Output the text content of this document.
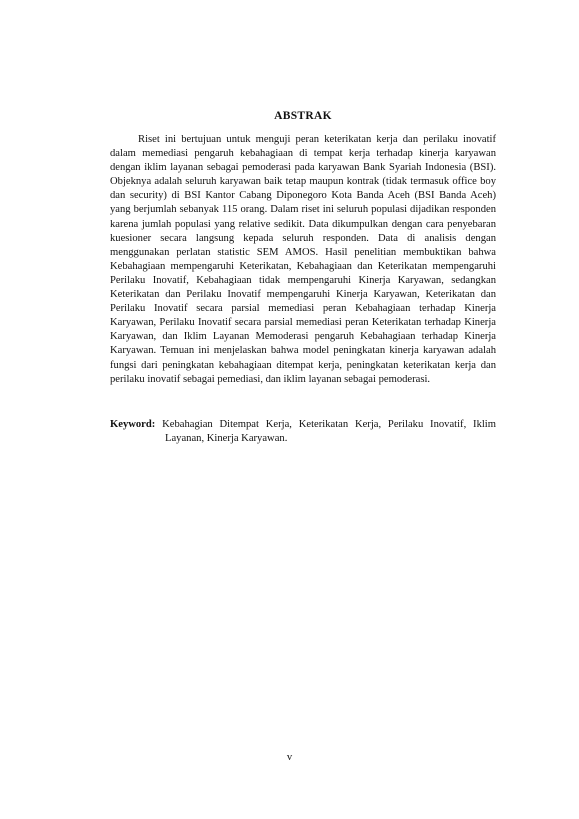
ABSTRAK

Riset ini bertujuan untuk menguji peran keterikatan kerja dan perilaku inovatif dalam memediasi pengaruh kebahagiaan di tempat kerja terhadap kinerja karyawan dengan iklim layanan sebagai pemoderasi pada karyawan Bank Syariah Indonesia (BSI). Objeknya adalah seluruh karyawan baik tetap maupun kontrak (tidak termasuk office boy dan security) di BSI Kantor Cabang Diponegoro Kota Banda Aceh (BSI Banda Aceh) yang berjumlah sebanyak 115 orang. Dalam riset ini seluruh populasi dijadikan responden karena jumlah populasi yang relative sedikit. Data dikumpulkan dengan cara penyebaran kuesioner secara langsung kepada seluruh responden. Data di analisis dengan menggunakan perlatan statistic SEM AMOS. Hasil penelitian membuktikan bahwa Kebahagiaan mempengaruhi Keterikatan, Kebahagiaan dan Keterikatan mempengaruhi Perilaku Inovatif, Kebahagiaan tidak mempengaruhi Kinerja Karyawan, sedangkan Keterikatan dan Perilaku Inovatif mempengaruhi Kinerja Karyawan, Keterikatan dan Perilaku Inovatif secara parsial memediasi peran Kebahagiaan terhadap Kinerja Karyawan, Perilaku Inovatif secara parsial memediasi peran Keterikatan terhadap Kinerja Karyawan, dan Iklim Layanan Memoderasi pengaruh Kebahagiaan terhadap Kinerja Karyawan. Temuan ini menjelaskan bahwa model peningkatan kinerja karyawan adalah fungsi dari peningkatan kebahagiaan ditempat kerja, peningkatan keterikatan kerja dan perilaku inovatif sebagai pemediasi, dan iklim layanan sebagai pemoderasi.

Keyword: Kebahagian Ditempat Kerja, Keterikatan Kerja, Perilaku Inovatif, Iklim Layanan, Kinerja Karyawan.

v
